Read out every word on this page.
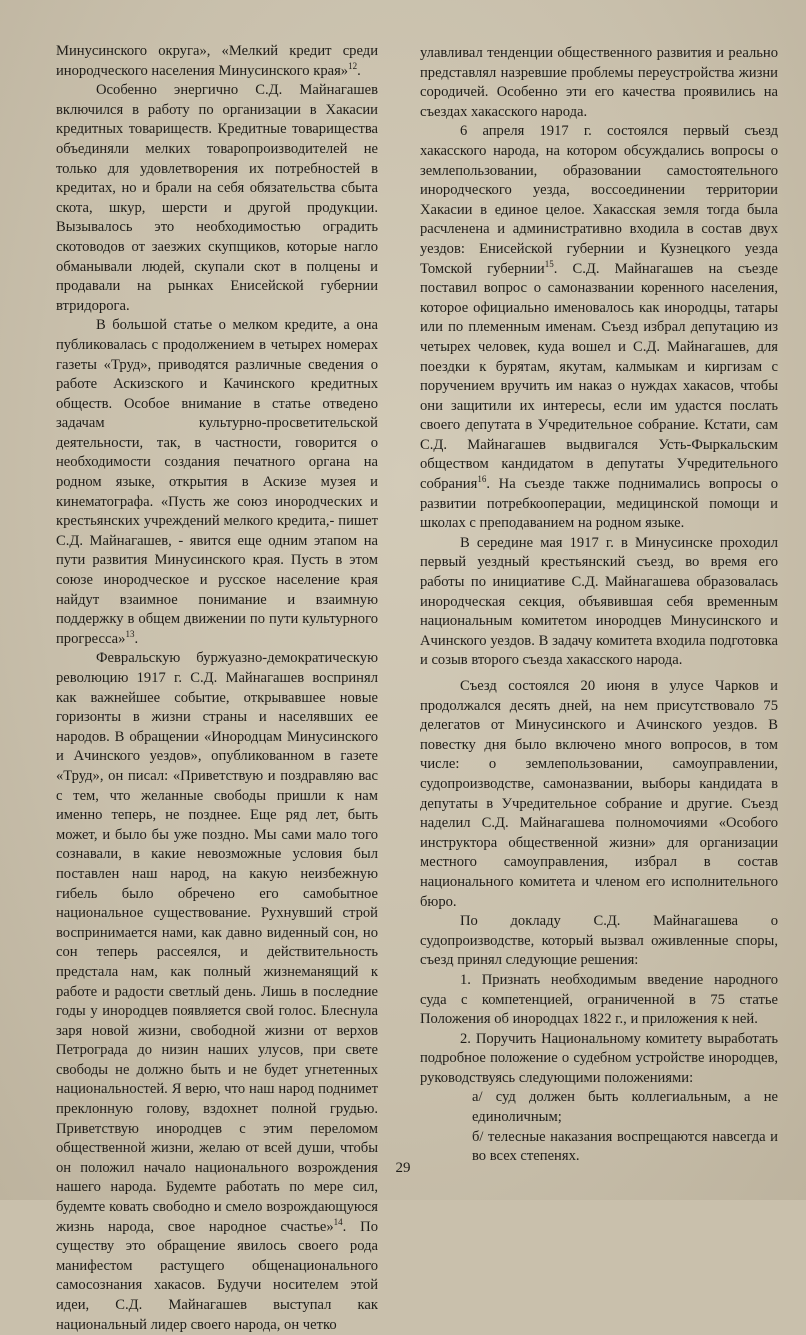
Минусинского округа», «Мелкий кредит среди инородческого населения Минусинского края»$^{12}$.

Особенно энергично С.Д. Майнагашев включился в работу по организации в Хакасии кредитных товариществ. Кредитные товарищества объединяли мелких товаропроизводителей не только для удовлетворения их потребностей в кредитах, но и брали на себя обязательства сбыта скота, шкур, шерсти и другой продукции. Вызывалось это необходимостью оградить скотоводов от заезжих скупщиков, которые нагло обманывали людей, скупали скот в полцены и продавали на рынках Енисейской губернии втридорога.

В большой статье о мелком кредите, а она публиковалась с продолжением в четырех номерах газеты «Труд», приводятся различные сведения о работе Аскизского и Качинского кредитных обществ. Особое внимание в статье отведено задачам культурно-просветительской деятельности, так, в частности, говорится о необходимости создания печатного органа на родном языке, открытия в Аскизе музея и кинематографа. «Пусть же союз инородческих и крестьянских учреждений мелкого кредита,- пишет С.Д. Майнагашев, - явится еще одним этапом на пути развития Минусинского края. Пусть в этом союзе инородческое и русское население края найдут взаимное понимание и взаимную поддержку в общем движении по пути культурного прогресса»$^{13}$.

Февральскую буржуазно-демократическую революцию 1917 г. С.Д. Майнагашев воспринял как важнейшее событие, открывавшее новые горизонты в жизни страны и населявших ее народов. В обращении «Инородцам Минусинского и Ачинского уездов», опубликованном в газете «Труд», он писал: «Приветствую и поздравляю вас с тем, что желанные свободы пришли к нам именно теперь, не позднее. Еще ряд лет, быть может, и было бы уже поздно. Мы сами мало того сознавали, в какие невозможные условия был поставлен наш народ, на какую неизбежную гибель было обречено его самобытное национальное существование. Рухнувший строй воспринимается нами, как давно виденный сон, но сон теперь рассеялся, и действительность предстала нам, как полный жизнеманящий к работе и радости светлый день. Лишь в последние годы у инородцев появляется свой голос. Блеснула заря новой жизни, свободной жизни от верхов Петрограда до низин наших улусов, при свете свободы не должно быть и не будет угнетенных национальностей. Я верю, что наш народ поднимет преклонную голову, вздохнет полной грудью. Приветствую инородцев с этим переломом общественной жизни, желаю от всей души, чтобы он положил начало национального возрождения нашего народа. Будемте работать по мере сил, будемте ковать свободно и смело возрождающуюся жизнь народа, свое народное счастье»$^{14}$. По существу это обращение явилось своего рода манифестом растущего общенационального самосознания хакасов. Будучи носителем этой идеи, С.Д. Майнагашев выступал как национальный лидер своего народа, он четко

улавливал тенденции общественного развития и реально представлял назревшие проблемы переустройства жизни сородичей. Особенно эти его качества проявились на съездах хакасского народа.

6 апреля 1917 г. состоялся первый съезд хакасского народа, на котором обсуждались вопросы о землепользовании, образовании самостоятельного инородческого уезда, воссоединении территории Хакасии в единое целое. Хакасская земля тогда была расчленена и административно входила в состав двух уездов: Енисейской губернии и Кузнецкого уезда Томской губернии$^{15}$. С.Д. Майнагашев на съезде поставил вопрос о самоназвании коренного населения, которое официально именовалось как инородцы, татары или по племенным именам. Съезд избрал депутацию из четырех человек, куда вошел и С.Д. Майнагашев, для поездки к бурятам, якутам, калмыкам и киргизам с поручением вручить им наказ о нуждах хакасов, чтобы они защитили их интересы, если им удастся послать своего депутата в Учредительное собрание. Кстати, сам С.Д. Майнагашев выдвигался Усть-Фыркальским обществом кандидатом в депутаты Учредительного собрания$^{16}$. На съезде также поднимались вопросы о развитии потребкооперации, медицинской помощи и школах с преподаванием на родном языке.

В середине мая 1917 г. в Минусинске проходил первый уездный крестьянский съезд, во время его работы по инициативе С.Д. Майнагашева образовалась инородческая секция, объявившая себя временным национальным комитетом инородцев Минусинского и Ачинского уездов. В задачу комитета входила подготовка и созыв второго съезда хакасского народа.

Съезд состоялся 20 июня в улусе Чарков и продолжался десять дней, на нем присутствовало 75 делегатов от Минусинского и Ачинского уездов. В повестку дня было включено много вопросов, в том числе: о землепользовании, самоуправлении, судопроизводстве, самоназвании, выборы кандидата в депутаты в Учредительное собрание и другие. Съезд наделил С.Д. Майнагашева полномочиями «Особого инструктора общественной жизни» для организации местного самоуправления, избрал в состав национального комитета и членом его исполнительного бюро.

По докладу С.Д. Майнагашева о судопроизводстве, который вызвал оживленные споры, съезд принял следующие решения:

1. Признать необходимым введение народного суда с компетенцией, ограниченной в 75 статье Положения об инородцах 1822 г., и приложения к ней.

2. Поручить Национальному комитету выработать подробное положение о судебном устройстве инородцев, руководствуясь следующими положениями:

а/ суд должен быть коллегиальным, а не единоличным;

б/ телесные наказания воспрещаются навсегда и во всех степенях.

29
